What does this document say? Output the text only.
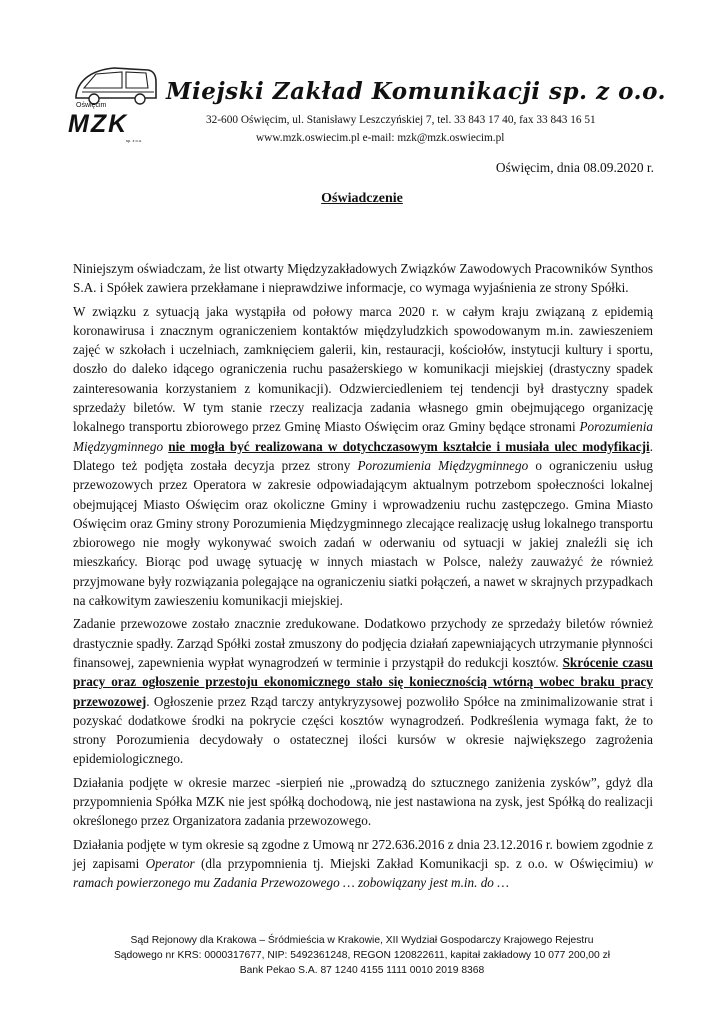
Oświęcim
MZK
sp. z o.o.
Miejski Zakład Komunikacji sp. z o.o.
32-600 Oświęcim, ul. Stanisławy Leszczyńskiej 7, tel. 33 843 17 40, fax 33 843 16 51
www.mzk.oswiecim.pl e-mail: mzk@mzk.oswiecim.pl
Oświęcim, dnia 08.09.2020 r.
Oświadczenie

Niniejszym oświadczam, że list otwarty Międzyzakładowych Związków Zawodowych Pracowników Synthos S.A. i Spółek zawiera przekłamane i nieprawdziwe informacje, co wymaga wyjaśnienia ze strony Spółki.

W związku z sytuacją jaka wystąpiła od połowy marca 2020 r. w całym kraju związaną z epidemią koronawirusa i znacznym ograniczeniem kontaktów międzyludzkich spowodowanym m.in. zawieszeniem zajęć w szkołach i uczelniach, zamknięciem galerii, kin, restauracji, kościołów, instytucji kultury i sportu, doszło do daleko idącego ograniczenia ruchu pasażerskiego w komunikacji miejskiej (drastyczny spadek zainteresowania korzystaniem z komunikacji). Odzwierciedleniem tej tendencji był drastyczny spadek sprzedaży biletów. W tym stanie rzeczy realizacja zadania własnego gmin obejmującego organizację lokalnego transportu zbiorowego przez Gminę Miasto Oświęcim oraz Gminy będące stronami Porozumienia Międzygminnego nie mogła być realizowana w dotychczasowym kształcie i musiała ulec modyfikacji. Dlatego też podjęta została decyzja przez strony Porozumienia Międzygminnego o ograniczeniu usług przewozowych przez Operatora w zakresie odpowiadającym aktualnym potrzebom społeczności lokalnej obejmującej Miasto Oświęcim oraz okoliczne Gminy i wprowadzeniu ruchu zastępczego. Gmina Miasto Oświęcim oraz Gminy strony Porozumienia Międzygminnego zlecające realizację usług lokalnego transportu zbiorowego nie mogły wykonywać swoich zadań w oderwaniu od sytuacji w jakiej znaleźli się ich mieszkańcy. Biorąc pod uwagę sytuację w innych miastach w Polsce, należy zauważyć że również przyjmowane były rozwiązania polegające na ograniczeniu siatki połączeń, a nawet w skrajnych przypadkach na całkowitym zawieszeniu komunikacji miejskiej.

Zadanie przewozowe zostało znacznie zredukowane. Dodatkowo przychody ze sprzedaży biletów również drastycznie spadły. Zarząd Spółki został zmuszony do podjęcia działań zapewniających utrzymanie płynności finansowej, zapewnienia wypłat wynagrodzeń w terminie i przystąpił do redukcji kosztów. Skrócenie czasu pracy oraz ogłoszenie przestoju ekonomicznego stało się koniecznością wtórną wobec braku pracy przewozowej. Ogłoszenie przez Rząd tarczy antykryzysowej pozwoliło Spółce na zminimalizowanie strat i pozyskać dodatkowe środki na pokrycie części kosztów wynagrodzeń. Podkreślenia wymaga fakt, że to strony Porozumienia decydowały o ostatecznej ilości kursów w okresie największego zagrożenia epidemiologicznego.

Działania podjęte w okresie marzec -sierpień nie „prowadzą do sztucznego zaniżenia zysków”, gdyż dla przypomnienia Spółka MZK nie jest spółką dochodową, nie jest nastawiona na zysk, jest Spółką do realizacji określonego przez Organizatora zadania przewozowego.

Działania podjęte w tym okresie są zgodne z Umową nr 272.636.2016 z dnia 23.12.2016 r. bowiem zgodnie z jej zapisami Operator (dla przypomnienia tj. Miejski Zakład Komunikacji sp. z o.o. w Oświęcimiu) w ramach powierzonego mu Zadania Przewozowego … zobowiązany jest m.in. do …

Sąd Rejonowy dla Krakowa – Śródmieścia w Krakowie, XII Wydział Gospodarczy Krajowego Rejestru
Sądowego nr KRS: 0000317677, NIP: 5492361248, REGON 120822611, kapitał zakładowy 10 077 200,00 zł
Bank Pekao S.A. 87 1240 4155 1111 0010 2019 8368
